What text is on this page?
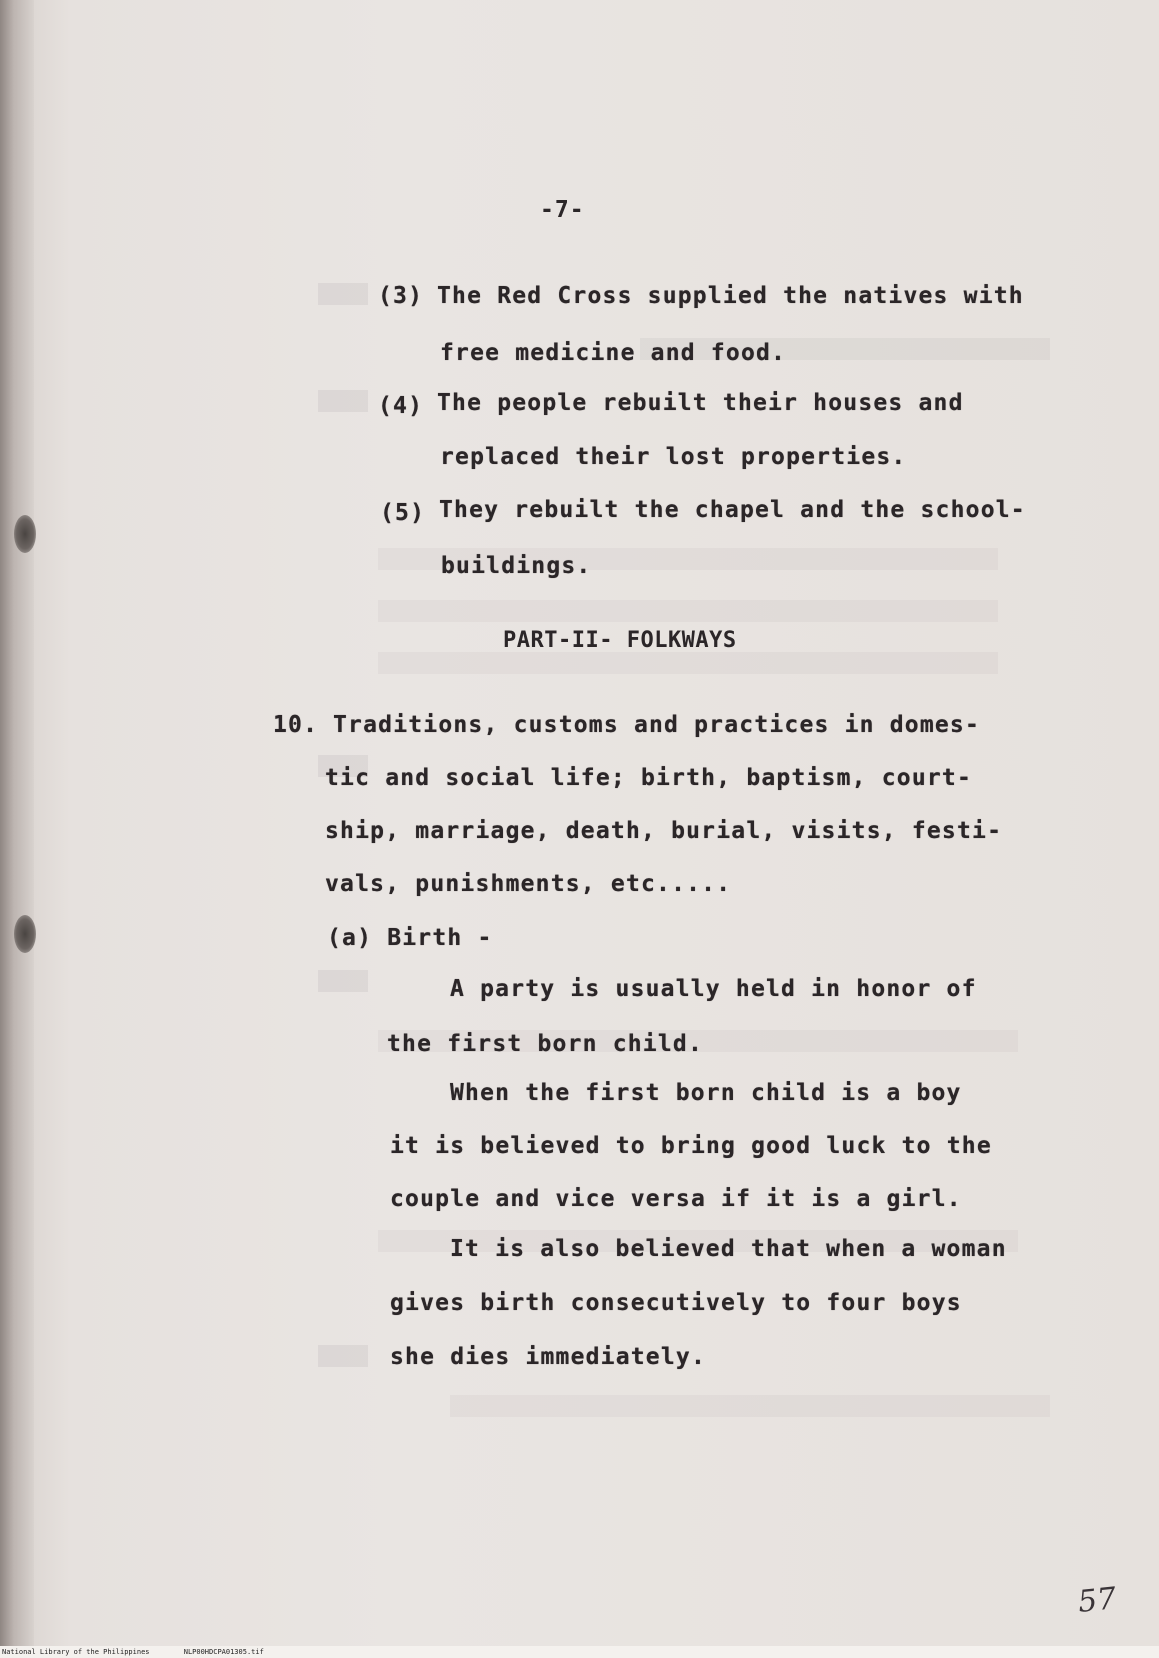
-7-
(3) The Red Cross supplied the natives with
free medicine and food.
(4) The people rebuilt their houses and
replaced their lost properties.
(5) They rebuilt the chapel and the school-
buildings.
PART-II- FOLKWAYS
10. Traditions, customs and practices in domes-
tic and social life; birth, baptism, court-
ship, marriage, death, burial, visits, festi-
vals, punishments, etc.....
(a) Birth -
A party is usually held in honor of
the first born child.
When the first born child is a boy
it is believed to bring good luck to the
couple and vice versa if it is a girl.
It is also believed that when a woman
gives birth consecutively to four boys
she dies immediately.
57
National Library of the Philippines	NLP00HDCPA01305.tif
